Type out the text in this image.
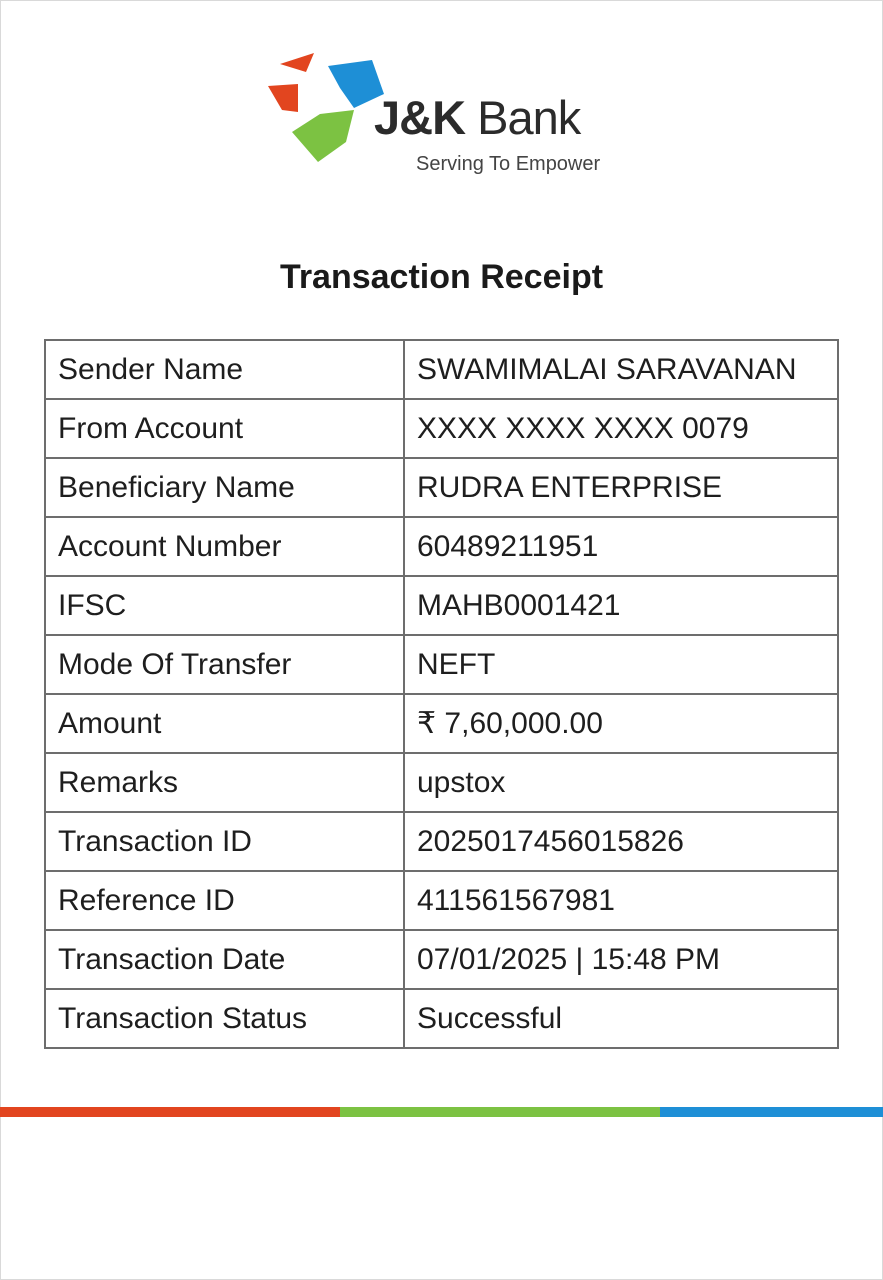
J&K Bank
Serving To Empower
Transaction Receipt
Sender Name	SWAMIMALAI SARAVANAN
From Account	XXXX XXXX XXXX 0079
Beneficiary Name	RUDRA ENTERPRISE
Account Number	60489211951
IFSC	MAHB0001421
Mode Of Transfer	NEFT
Amount	₹ 7,60,000.00
Remarks	upstox
Transaction ID	2025017456015826
Reference ID	411561567981
Transaction Date	07/01/2025 | 15:48 PM
Transaction Status	Successful
